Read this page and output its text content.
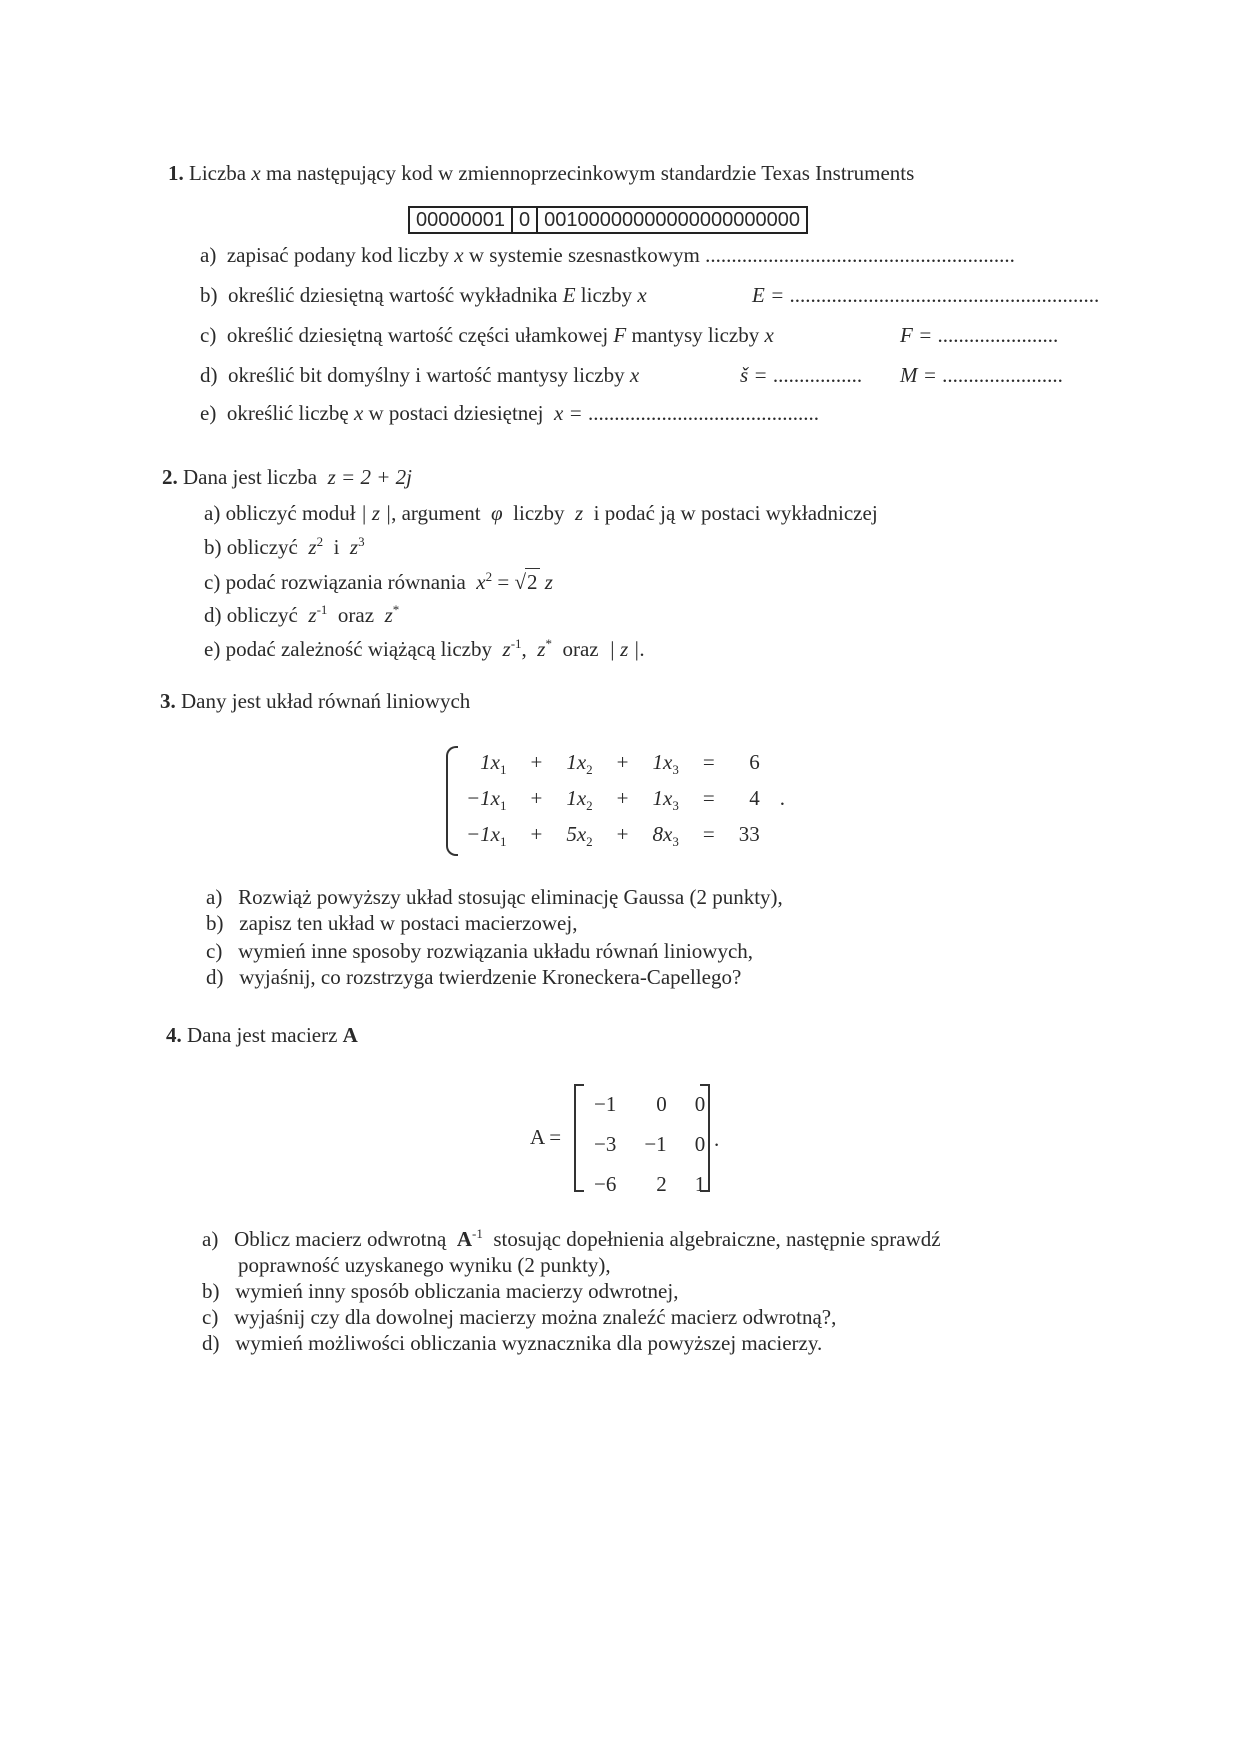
1. Liczba x ma następujący kod w zmiennoprzecinkowym standardzie Texas Instruments
00000001 0 00100000000000000000000
a) zapisać podany kod liczby x w systemie szesnastkowym ...........................................................
b) określić dziesiętną wartość wykładnika E liczby x	E = ...........................................................
c) określić dziesiętną wartość części ułamkowej F mantysy liczby x	F = .......................
d) określić bit domyślny i wartość mantysy liczby x	š = ................. M = .......................
e) określić liczbę x w postaci dziesiętnej x = ............................................
2. Dana jest liczba z = 2 + 2j
a) obliczyć moduł | z |, argument φ liczby z i podać ją w postaci wykładniczej
b) obliczyć $z^2$ i $z^3$
c) podać rozwiązania równania $x^2 = √2$ z
d) obliczyć $z^{-1}$ oraz z*
e) podać zależność wiążącą liczby $z^{-1}$, z* oraz | z |.
3. Dany jest układ równań liniowych
$1x_1$	+	$1x_2$	+	$1x_3$	=	6	
$-1x_1$	+	$1x_2$	+	$1x_3$	=	4	.
$-1x_1$	+	$5x_2$	+	$8x_3$	=	33	
a) Rozwiąż powyższy układ stosując eliminację Gaussa (2 punkty),
b) zapisz ten układ w postaci macierzowej,
c) wymień inne sposoby rozwiązania układu równań liniowych,
d) wyjaśnij, co rozstrzyga twierdzenie Kroneckera-Capellego?
4. Dana jest macierz A
A =
−1	0	0
−3	−1	0
−6	2	1
.
a) Oblicz macierz odwrotną $A^{-1}$ stosując dopełnienia algebraiczne, następnie sprawdź
poprawność uzyskanego wyniku (2 punkty),
b) wymień inny sposób obliczania macierzy odwrotnej,
c) wyjaśnij czy dla dowolnej macierzy można znaleźć macierz odwrotną?,
d) wymień możliwości obliczania wyznacznika dla powyższej macierzy.
